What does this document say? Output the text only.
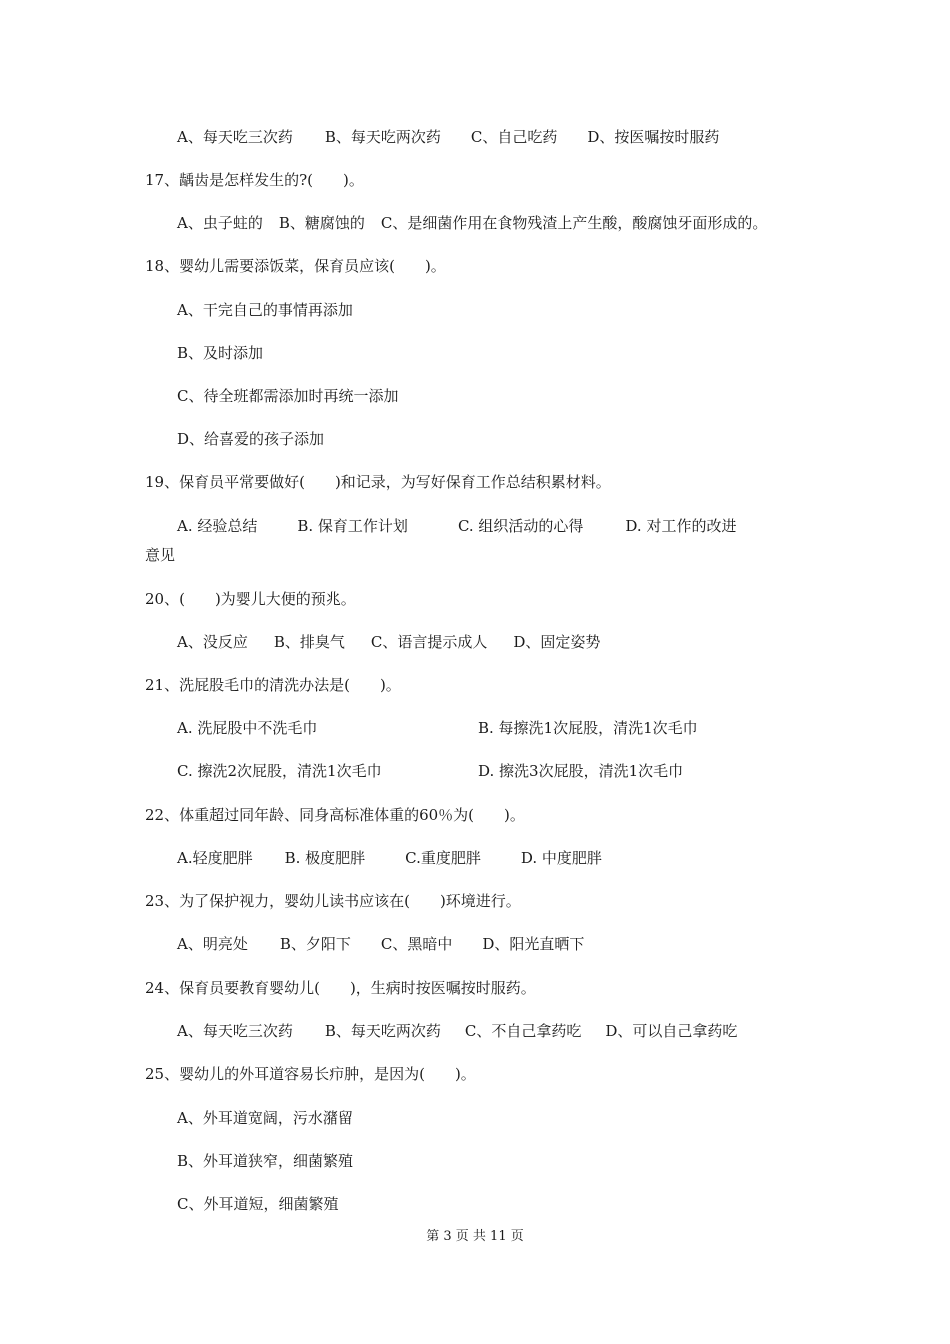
A、每天吃三次药 B、每天吃两次药 C、自己吃药 D、按医嘱按时服药
17、龋齿是怎样发生的?(　　)。
A、虫子蛀的 B、糖腐蚀的 C、是细菌作用在食物残渣上产生酸，酸腐蚀牙面形成的。
18、婴幼儿需要添饭菜，保育员应该(　　)。
A、干完自己的事情再添加
B、及时添加
C、待全班都需添加时再统一添加
D、给喜爱的孩子添加
19、保育员平常要做好(　　)和记录，为写好保育工作总结积累材料。
A. 经验总结	B. 保育工作计划	C. 组织活动的心得	D. 对工作的改进
意见
20、(　　)为婴儿大便的预兆。
A、没反应 B、排臭气 C、语言提示成人 D、固定姿势
21、洗屁股毛巾的清洗办法是(　　)。
A. 洗屁股中不洗毛巾	B. 每擦洗1次屁股，清洗1次毛巾
C. 擦洗2次屁股，清洗1次毛巾	D. 擦洗3次屁股，清洗1次毛巾
22、体重超过同年龄、同身高标准体重的60％为(　　)。
A.轻度肥胖 B. 极度肥胖	C.重度肥胖	D. 中度肥胖
23、为了保护视力，婴幼儿读书应该在(　　)环境进行。
A、明亮处 B、夕阳下 C、黑暗中 D、阳光直晒下
24、保育员要教育婴幼儿(　　)，生病时按医嘱按时服药。
A、每天吃三次药 B、每天吃两次药 C、不自己拿药吃 D、可以自己拿药吃
25、婴幼儿的外耳道容易长疖肿，是因为(　　)。
A、外耳道宽阔，污水潴留
B、外耳道狭窄，细菌繁殖
C、外耳道短，细菌繁殖
第 3 页 共 11 页
